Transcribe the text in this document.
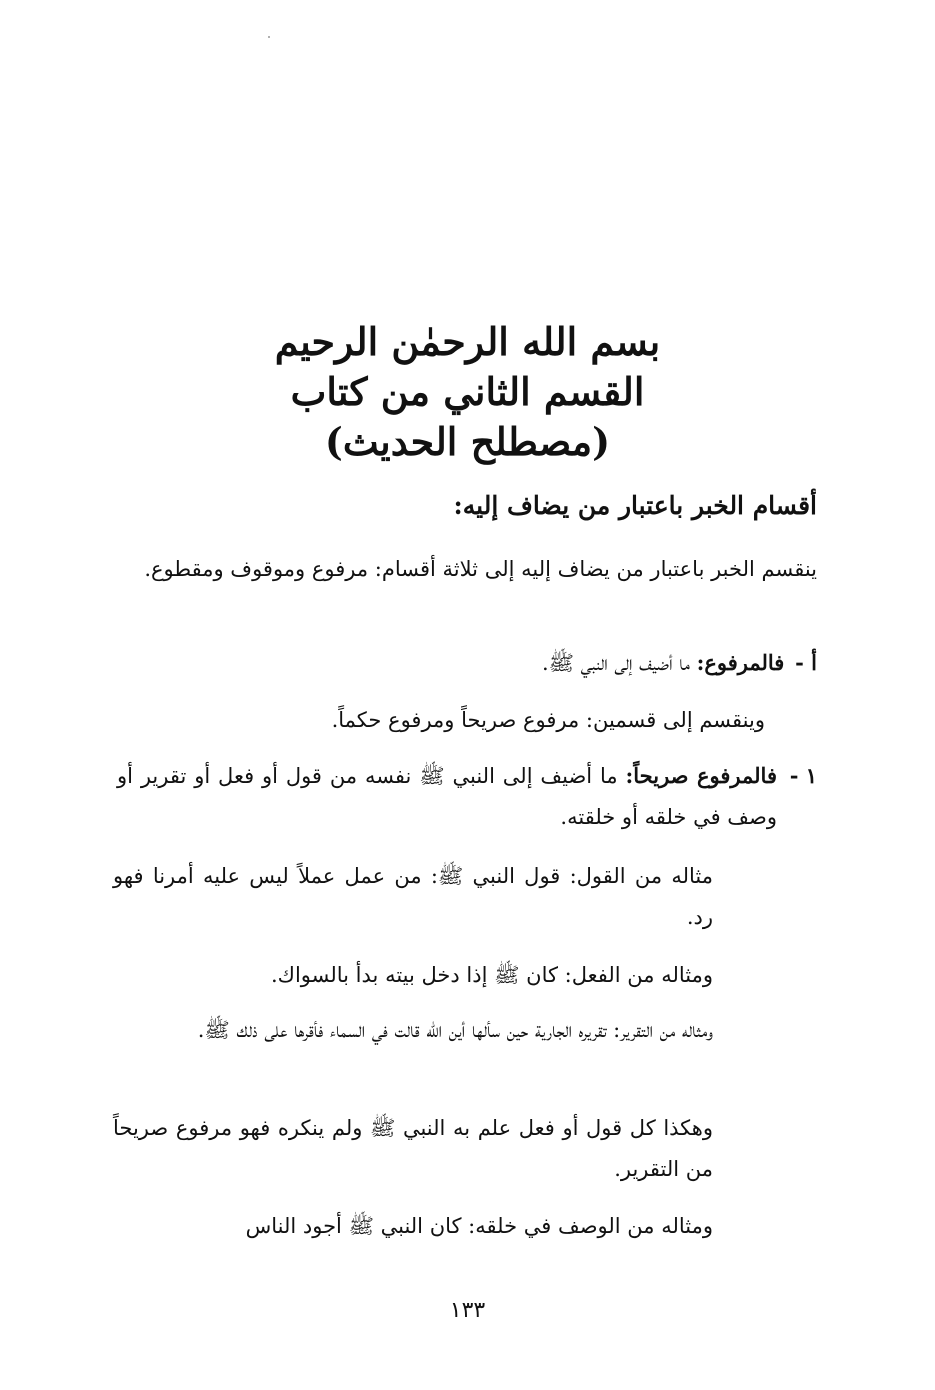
بسم الله الرحمٰن الرحيم
القسم الثاني من كتاب
(مصطلح الحديث)
أقسام الخبر باعتبار من يضاف إليه:
ينقسم الخبر باعتبار من يضاف إليه إلى ثلاثة أقسام: مرفوع وموقوف ومقطوع.
أ - فالمرفوع: ما أضيف إلى النبي ﷺ.
وينقسم إلى قسمين: مرفوع صريحاً ومرفوع حكماً.
١ -
فالمرفوع صريحاً: ما أضيف إلى النبي ﷺ نفسه من قول أو فعل أو تقرير أو وصف في خلقه أو خلقته.
مثاله من القول: قول النبي ﷺ: من عمل عملاً ليس عليه أمرنا فهو رد.
ومثاله من الفعل: كان ﷺ إذا دخل بيته بدأ بالسواك.
ومثاله من التقرير: تقريره الجارية حين سألها أين الله قالت في السماء فأقرها على ذلك ﷺ.
وهكذا كل قول أو فعل علم به النبي ﷺ ولم ينكره فهو مرفوع صريحاً من التقرير.
ومثاله من الوصف في خلقه: كان النبي ﷺ أجود الناس
١٣٣
